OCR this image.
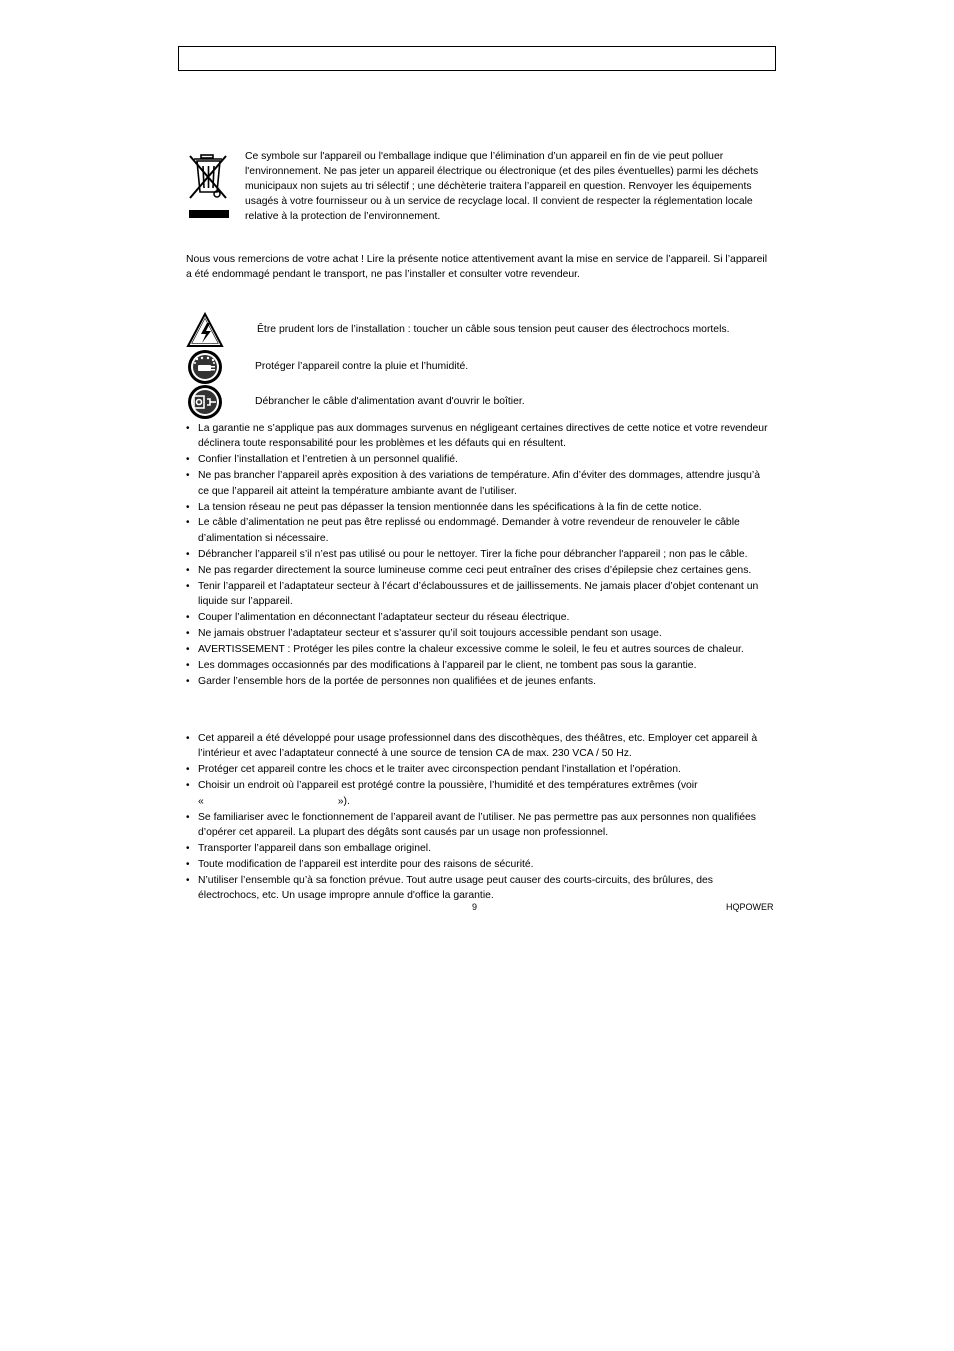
Ce symbole sur l'appareil ou l'emballage indique que l’élimination d’un appareil en fin de vie peut polluer l'environnement. Ne pas jeter un appareil électrique ou électronique (et des piles éventuelles) parmi les déchets municipaux non sujets au tri sélectif ; une déchèterie traitera l’appareil en question. Renvoyer les équipements usagés à votre fournisseur ou à un service de recyclage local. Il convient de respecter la réglementation locale relative à la protection de l’environnement.
Nous vous remercions de votre achat ! Lire la présente notice attentivement avant la mise en service de l’appareil. Si l’appareil a été endommagé pendant le transport, ne pas l’installer et consulter votre revendeur.
Être prudent lors de l’installation : toucher un câble sous tension peut causer des électrochocs mortels.
Protéger l’appareil contre la pluie et l’humidité.
Débrancher le câble d'alimentation avant d'ouvrir le boîtier.
• La garantie ne s’applique pas aux dommages survenus en négligeant certaines directives de cette notice et votre revendeur déclinera toute responsabilité pour les problèmes et les défauts qui en résultent.
• Confier l’installation et l’entretien à un personnel qualifié.
• Ne pas brancher l’appareil après exposition à des variations de température. Afin d’éviter des dommages, attendre jusqu’à ce que l’appareil ait atteint la température ambiante avant de l’utiliser.
• La tension réseau ne peut pas dépasser la tension mentionnée dans les spécifications à la fin de cette notice.
• Le câble d’alimentation ne peut pas être replissé ou endommagé. Demander à votre revendeur de renouveler le câble d’alimentation si nécessaire.
• Débrancher l’appareil s’il n’est pas utilisé ou pour le nettoyer. Tirer la fiche pour débrancher l'appareil ; non pas le câble.
• Ne pas regarder directement la source lumineuse comme ceci peut entraîner des crises d’épilepsie chez certaines gens.
• Tenir l’appareil et l’adaptateur secteur à l’écart d’éclaboussures et de jaillissements. Ne jamais placer d’objet contenant un liquide sur l’appareil.
• Couper l’alimentation en déconnectant l’adaptateur secteur du réseau électrique.
• Ne jamais obstruer l’adaptateur secteur et s’assurer qu’il soit toujours accessible pendant son usage.
• AVERTISSEMENT : Protéger les piles contre la chaleur excessive comme le soleil, le feu et autres sources de chaleur.
• Les dommages occasionnés par des modifications à l’appareil par le client, ne tombent pas sous la garantie.
• Garder l’ensemble hors de la portée de personnes non qualifiées et de jeunes enfants.
• Cet appareil a été développé pour usage professionnel dans des discothèques, des théâtres, etc. Employer cet appareil à l’intérieur et avec l’adaptateur connecté à une source de tension CA de max. 230 VCA / 50 Hz.
• Protéger cet appareil contre les chocs et le traiter avec circonspection pendant l’installation et l’opération.
• Choisir un endroit où l’appareil est protégé contre la poussière, l’humidité et des températures extrêmes (voir
«	»).
• Se familiariser avec le fonctionnement de l’appareil avant de l’utiliser. Ne pas permettre pas aux personnes non qualifiées d’opérer cet appareil. La plupart des dégâts sont causés par un usage non professionnel.
• Transporter l’appareil dans son emballage originel.
• Toute modification de l’appareil est interdite pour des raisons de sécurité.
• N’utiliser l’ensemble qu’à sa fonction prévue. Tout autre usage peut causer des courts-circuits, des brûlures, des électrochocs, etc. Un usage impropre annule d'office la garantie.
9	HQPOWER
